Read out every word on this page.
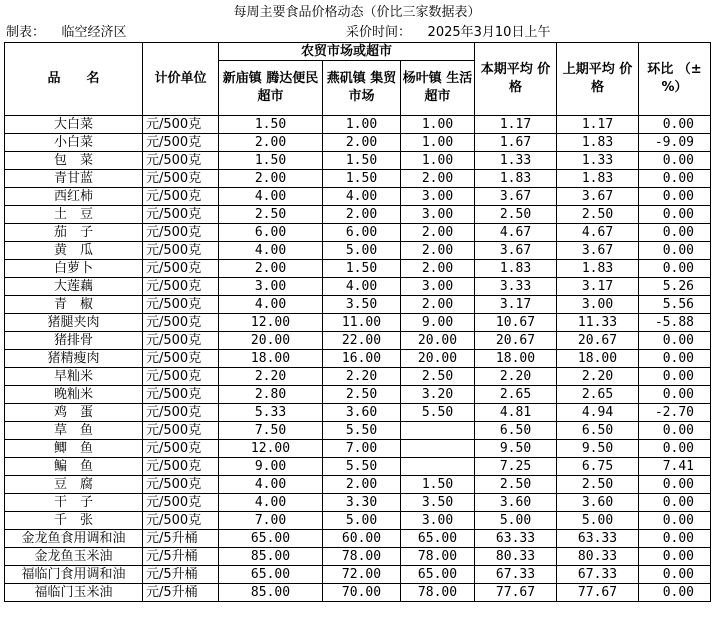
每周主要食品价格动态（价比三家数据表）
制表： 临空经济区	采价时间： 2025年3月10日上午
品　　名	计价单位	农贸市场或超市			本期平均 价格	上期平均 价格	环比 （±%）
		新庙镇 腾达便民超市	燕矶镇 集贸市场	杨叶镇 生活超市			
大白菜	元/500克	1.50	1.00	1.00	1.17	1.17	0.00
小白菜	元/500克	2.00	2.00	1.00	1.67	1.83	-9.09
包　菜	元/500克	1.50	1.50	1.00	1.33	1.33	0.00
青甘蓝	元/500克	2.00	1.50	2.00	1.83	1.83	0.00
西红柿	元/500克	4.00	4.00	3.00	3.67	3.67	0.00
土　豆	元/500克	2.50	2.00	3.00	2.50	2.50	0.00
茄　子	元/500克	6.00	6.00	2.00	4.67	4.67	0.00
黄　瓜	元/500克	4.00	5.00	2.00	3.67	3.67	0.00
白萝卜	元/500克	2.00	1.50	2.00	1.83	1.83	0.00
大莲藕	元/500克	3.00	4.00	3.00	3.33	3.17	5.26
青　椒	元/500克	4.00	3.50	2.00	3.17	3.00	5.56
猪腿夹肉	元/500克	12.00	11.00	9.00	10.67	11.33	-5.88
猪排骨	元/500克	20.00	22.00	20.00	20.67	20.67	0.00
猪精瘦肉	元/500克	18.00	16.00	20.00	18.00	18.00	0.00
早籼米	元/500克	2.20	2.20	2.50	2.20	2.20	0.00
晚籼米	元/500克	2.80	2.50	3.20	2.65	2.65	0.00
鸡　蛋	元/500克	5.33	3.60	5.50	4.81	4.94	-2.70
草　鱼	元/500克	7.50	5.50		6.50	6.50	0.00
鲫　鱼	元/500克	12.00	7.00		9.50	9.50	0.00
鳊　鱼	元/500克	9.00	5.50		7.25	6.75	7.41
豆　腐	元/500克	4.00	2.00	1.50	2.50	2.50	0.00
干　子	元/500克	4.00	3.30	3.50	3.60	3.60	0.00
千　张	元/500克	7.00	5.00	3.00	5.00	5.00	0.00
金龙鱼食用调和油	元/5升桶	65.00	60.00	65.00	63.33	63.33	0.00
金龙鱼玉米油	元/5升桶	85.00	78.00	78.00	80.33	80.33	0.00
福临门食用调和油	元/5升桶	65.00	72.00	65.00	67.33	67.33	0.00
福临门玉米油	元/5升桶	85.00	70.00	78.00	77.67	77.67	0.00
